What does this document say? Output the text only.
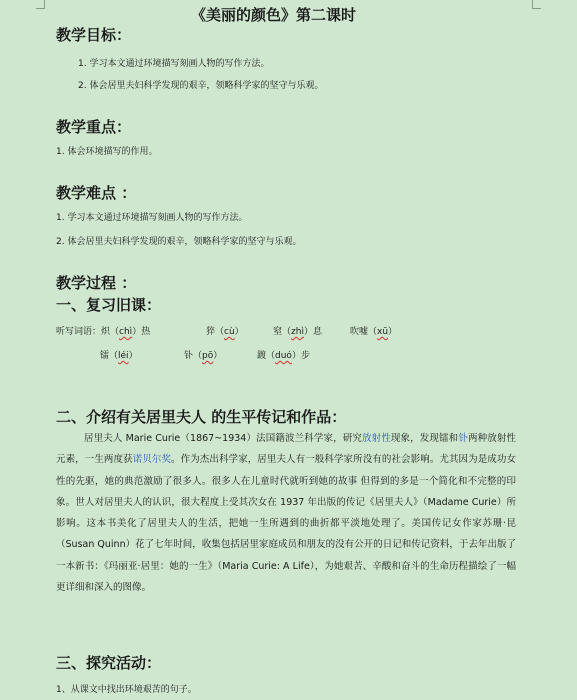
《美丽的颜色》第二课时
教学目标：
1. 学习本文通过环境描写刻画人物的写作方法。
2. 体会居里夫妇科学发现的艰辛，领略科学家的坚守与乐观。
教学重点：
1. 体会环境描写的作用。
教学难点 ：
1. 学习本文通过环境描写刻画人物的写作方法。
2. 体会居里夫妇科学发现的艰辛，领略科学家的坚守与乐观。
教学过程 ：
一、复习旧课：
听写词语：炽（chì）热	猝（cù）	窒（zhì）息	吹嘘（xū）
镭（léi）	钋（pō）	踱（duó）步
二、介绍有关居里夫人 的生平传记和作品：
居里夫人 Marie Curie（1867~1934）法国籍波兰科学家，研究放射性现象，发现镭和钋两种放射性元素，一生两度获诺贝尔奖。作为杰出科学家，居里夫人有一般科学家所没有的社会影响。尤其因为是成功女性的先驱，她的典范激励了很多人。很多人在儿童时代就听到她的故事 但得到的多是一个简化和不完整的印象。世人对居里夫人的认识，很大程度上受其次女在 1937 年出版的传记《居里夫人》（Madame Curie）所影响。这本书美化了居里夫人的生活，把她一生所遇到的曲折都平淡地处理了。美国传记女作家苏珊·昆（Susan Quinn）花了七年时间，收集包括居里家庭成员和朋友的没有公开的日记和传记资料，于去年出版了一本新书：《玛丽亚·居里：她的一生》（Maria Curie: A Life），为她艰苦、辛酸和奋斗的生命历程描绘了一幅更详细和深入的图像。
三、探究活动：
1、从课文中找出环境艰苦的句子。
